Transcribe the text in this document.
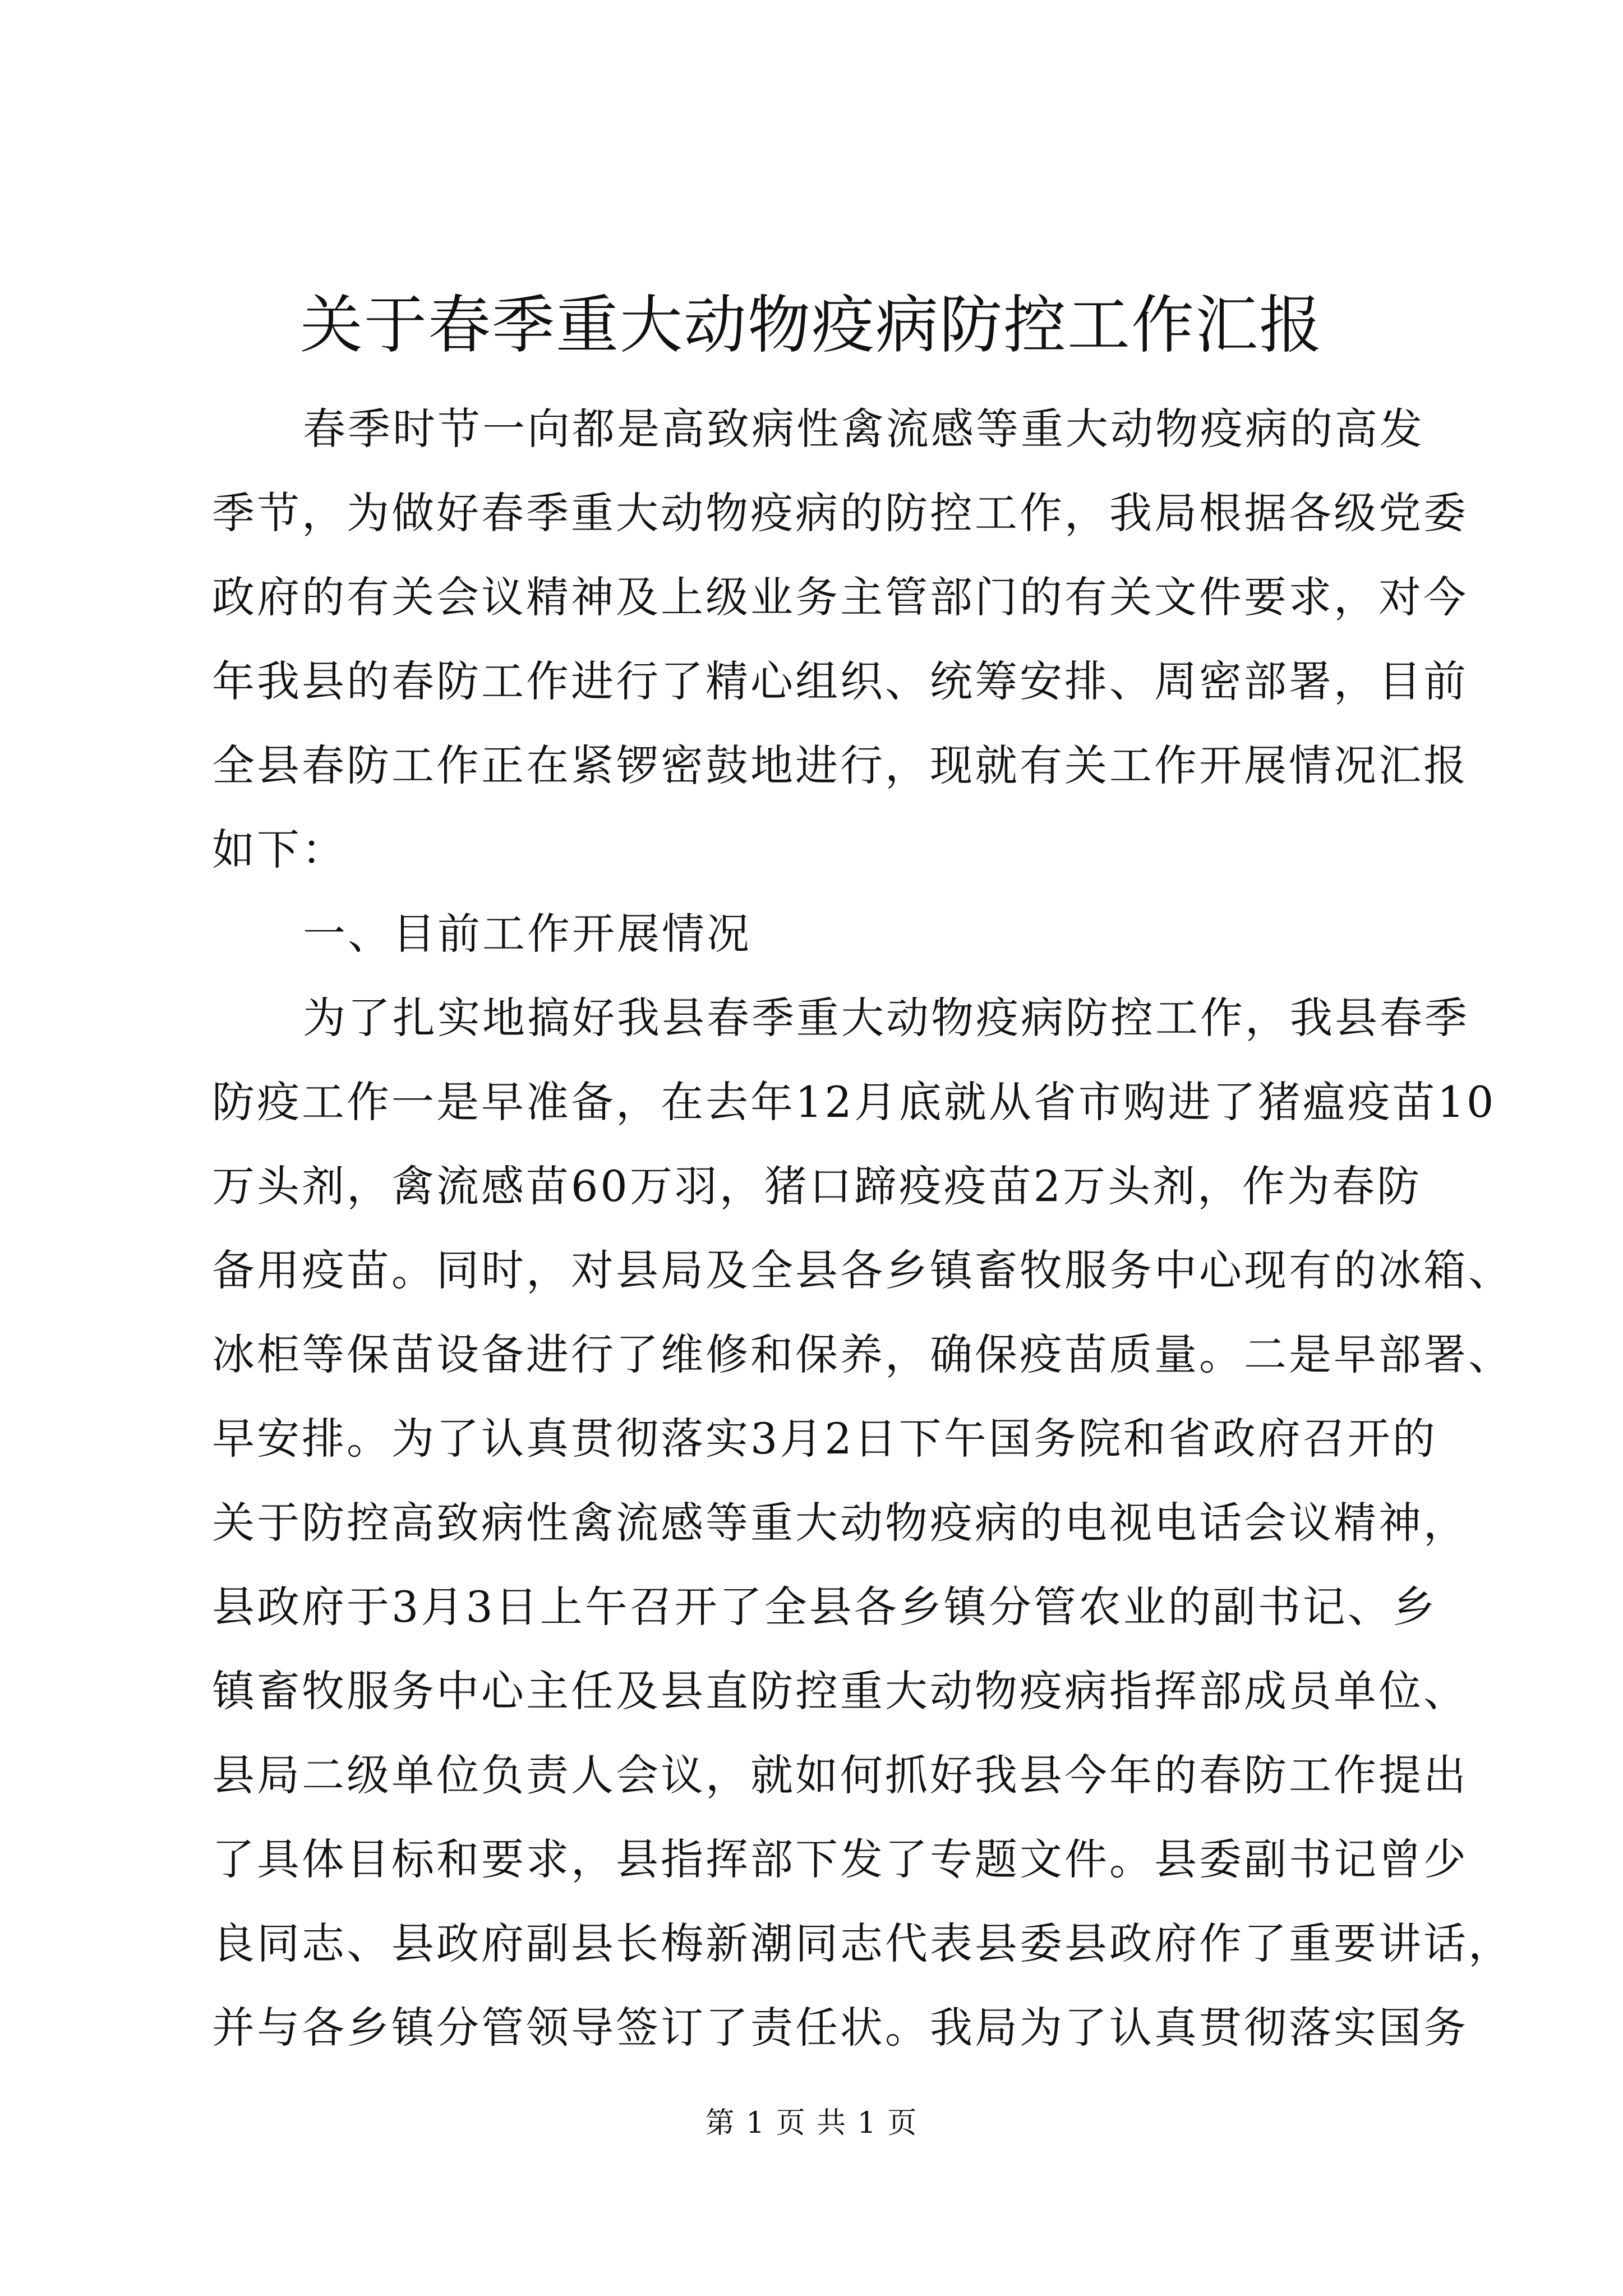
关于春季重大动物疫病防控工作汇报

春季时节一向都是高致病性禽流感等重大动物疫病的高发

季节，为做好春季重大动物疫病的防控工作，我局根据各级党委

政府的有关会议精神及上级业务主管部门的有关文件要求，对今

年我县的春防工作进行了精心组织、统筹安排、周密部署，目前

全县春防工作正在紧锣密鼓地进行，现就有关工作开展情况汇报

如下：

一、目前工作开展情况

为了扎实地搞好我县春季重大动物疫病防控工作，我县春季

防疫工作一是早准备，在去年12月底就从省市购进了猪瘟疫苗10

万头剂，禽流感苗60万羽，猪口蹄疫疫苗2万头剂，作为春防

备用疫苗。同时，对县局及全县各乡镇畜牧服务中心现有的冰箱、

冰柜等保苗设备进行了维修和保养，确保疫苗质量。二是早部署、

早安排。为了认真贯彻落实3月2日下午国务院和省政府召开的

关于防控高致病性禽流感等重大动物疫病的电视电话会议精神，

县政府于3月3日上午召开了全县各乡镇分管农业的副书记、乡

镇畜牧服务中心主任及县直防控重大动物疫病指挥部成员单位、

县局二级单位负责人会议，就如何抓好我县今年的春防工作提出

了具体目标和要求，县指挥部下发了专题文件。县委副书记曾少

良同志、县政府副县长梅新潮同志代表县委县政府作了重要讲话，

并与各乡镇分管领导签订了责任状。我局为了认真贯彻落实国务

第 1 页 共 1 页
